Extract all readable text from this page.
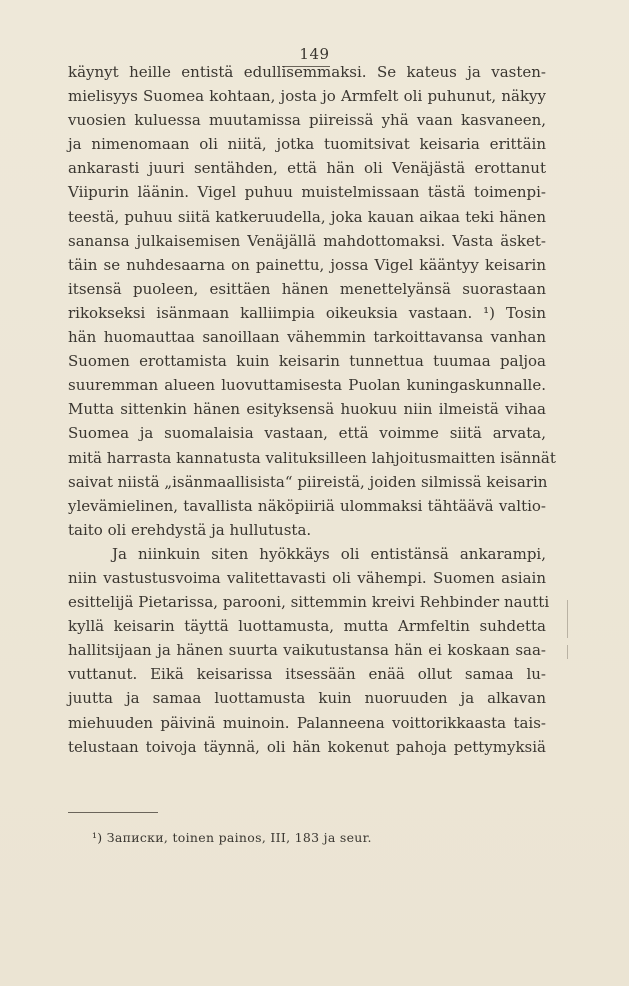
149
käynyt heille entistä edullisemmaksi. Se kateus ja vasten-
mielisyys Suomea kohtaan, josta jo Armfelt oli puhunut, näkyy
vuosien kuluessa muutamissa piireissä yhä vaan kasvaneen,
ja nimenomaan oli niitä, jotka tuomitsivat keisaria erittäin
ankarasti juuri sentähden, että hän oli Venäjästä erottanut
Viipurin läänin. Vigel puhuu muistelmissaan tästä toimenpi-
teestä, puhuu siitä katkeruudella, joka kauan aikaa teki hänen
sanansa julkaisemisen Venäjällä mahdottomaksi. Vasta äsket-
täin se nuhdesaarna on painettu, jossa Vigel kääntyy keisarin
itsensä puoleen, esittäen hänen menettelyänsä suorastaan
rikokseksi isänmaan kalliimpia oikeuksia vastaan. ¹) Tosin
hän huomauttaa sanoillaan vähemmin tarkoittavansa vanhan
Suomen erottamista kuin keisarin tunnettua tuumaa paljoa
suuremman alueen luovuttamisesta Puolan kuningaskunnalle.
Mutta sittenkin hänen esityksensä huokuu niin ilmeistä vihaa
Suomea ja suomalaisia vastaan, että voimme siitä arvata,
mitä harrasta kannatusta valituksilleen lahjoitusmaitten isännät
saivat niistä „isänmaallisista“ piireistä, joiden silmissä keisarin
ylevämielinen, tavallista näköpiiriä ulommaksi tähtäävä valtio-
taito oli erehdystä ja hullutusta.
Ja niinkuin siten hyökkäys oli entistänsä ankarampi,
niin vastustusvoima valitettavasti oli vähempi. Suomen asiain
esittelijä Pietarissa, parooni, sittemmin kreivi Rehbinder nautti
kyllä keisarin täyttä luottamusta, mutta Armfeltin suhdetta
hallitsijaan ja hänen suurta vaikutustansa hän ei koskaan saa-
vuttanut. Eikä keisarissa itsessään enää ollut samaa lu-
juutta ja samaa luottamusta kuin nuoruuden ja alkavan
miehuuden päivinä muinoin. Palanneena voittorikkaasta tais-
telustaan toivoja täynnä, oli hän kokenut pahoja pettymyksiä
¹) Записки, toinen painos, III, 183 ja seur.
